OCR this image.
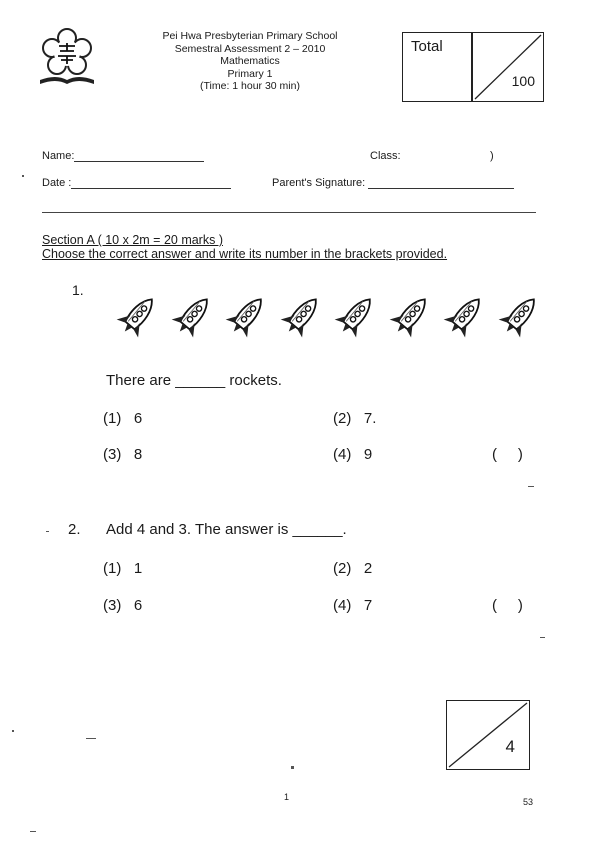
Pei Hwa Presbyterian Primary School
Semestral Assessment 2 – 2010
Mathematics
Primary 1
(Time: 1 hour 30 min)
Total
100
Name:	Class:	)
Date :	Parent's Signature:
Section A ( 10 x 2m = 20 marks )
Choose the correct answer and write its number in the brackets provided.
1.
There are ______ rockets.
(1) 6	(2) 7.
(3) 8	(4) 9	(     )
2. Add 4 and 3. The answer is ______.
(1) 1	(2) 2
(3) 6	(4) 7	(     )
4
1	53
